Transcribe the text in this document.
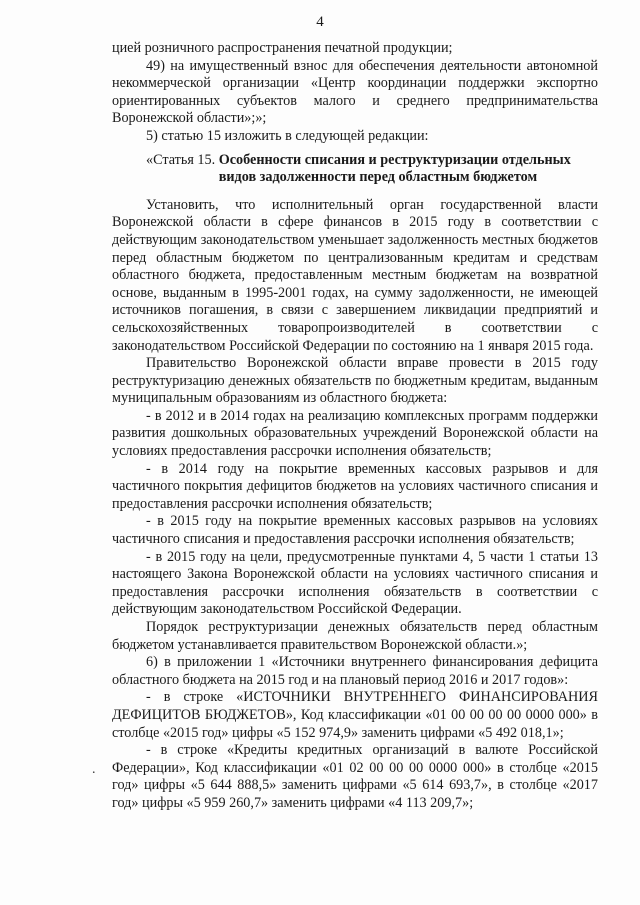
4

цией розничного распространения печатной продукции;

49) на имущественный взнос для обеспечения деятельности автономной некоммерческой организации «Центр координации поддержки экспортно ориентированных субъектов малого и среднего предпринимательства Воронежской области»;»;

5) статью 15 изложить в следующей редакции:

«Статья 15. Особенности списания и реструктуризации отдельных видов задолженности перед областным бюджетом

Установить, что исполнительный орган государственной власти Воронежской области в сфере финансов в 2015 году в соответствии с действующим законодательством уменьшает задолженность местных бюджетов перед областным бюджетом по централизованным кредитам и средствам областного бюджета, предоставленным местным бюджетам на возвратной основе, выданным в 1995-2001 годах, на сумму задолженности, не имеющей источников погашения, в связи с завершением ликвидации предприятий и сельскохозяйственных товаропроизводителей в соответствии с законодательством Российской Федерации по состоянию на 1 января 2015 года.

Правительство Воронежской области вправе провести в 2015 году реструктуризацию денежных обязательств по бюджетным кредитам, выданным муниципальным образованиям из областного бюджета:

- в 2012 и в 2014 годах на реализацию комплексных программ поддержки развития дошкольных образовательных учреждений Воронежской области на условиях предоставления рассрочки исполнения обязательств;

- в 2014 году на покрытие временных кассовых разрывов и для частичного покрытия дефицитов бюджетов на условиях частичного списания и предоставления рассрочки исполнения обязательств;

- в 2015 году на покрытие временных кассовых разрывов на условиях частичного списания и предоставления рассрочки исполнения обязательств;

- в 2015 году на цели, предусмотренные пунктами 4, 5 части 1 статьи 13 настоящего Закона Воронежской области на условиях частичного списания и предоставления рассрочки исполнения обязательств в соответствии с действующим законодательством Российской Федерации.

Порядок реструктуризации денежных обязательств перед областным бюджетом устанавливается правительством Воронежской области.»;

6) в приложении 1 «Источники внутреннего финансирования дефицита областного бюджета на 2015 год и на плановый период 2016 и 2017 годов»:

- в строке «ИСТОЧНИКИ ВНУТРЕННЕГО ФИНАНСИРОВАНИЯ ДЕФИЦИТОВ БЮДЖЕТОВ», Код классификации «01 00 00 00 00 0000 000» в столбце «2015 год» цифры «5 152 974,9» заменить цифрами «5 492 018,1»;

- в строке «Кредиты кредитных организаций в валюте Российской Федерации», Код классификации «01 02 00 00 00 0000 000» в столбце «2015 год» цифры «5 644 888,5» заменить цифрами «5 614 693,7», в столбце «2017 год» цифры «5 959 260,7» заменить цифрами «4 113 209,7»;

.
